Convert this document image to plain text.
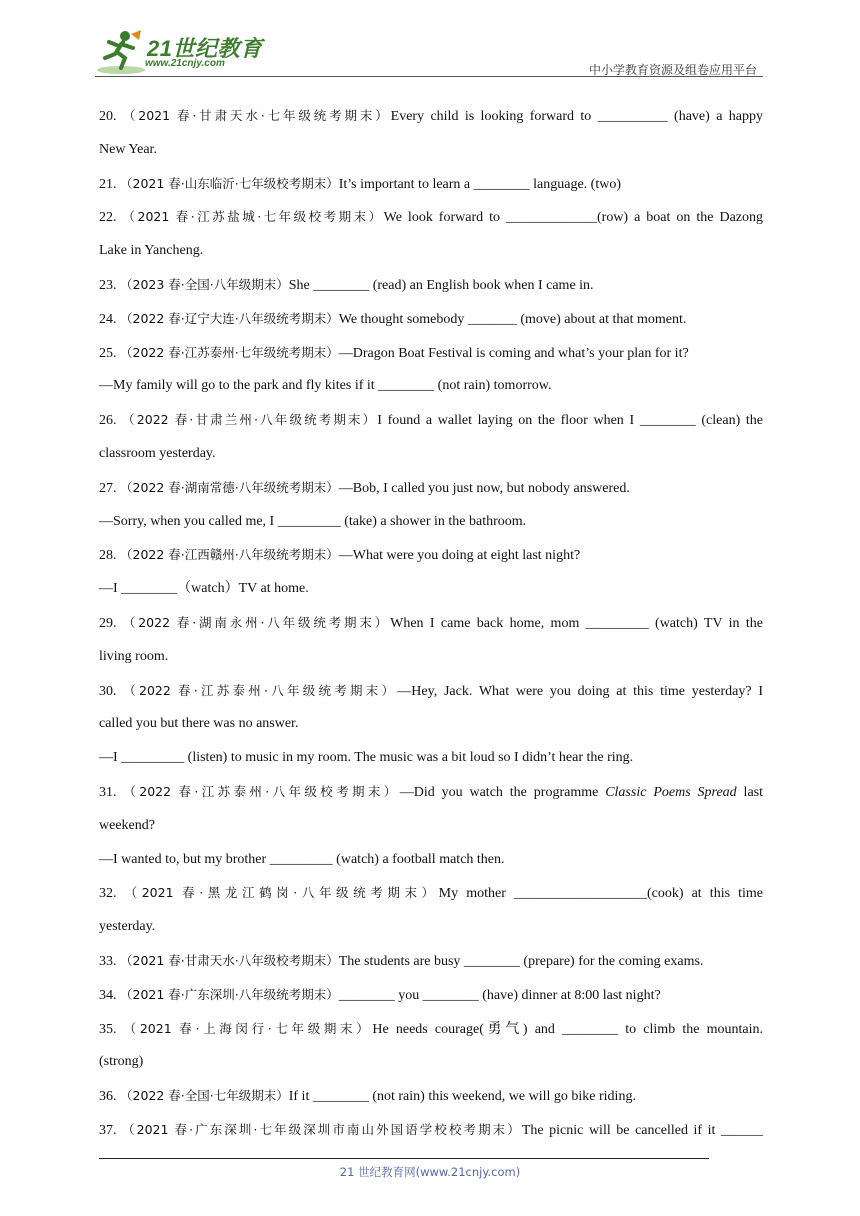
21世纪教育
www.21cnjy.com	中小学教育资源及组卷应用平台
20. （2021 春·甘肃天水·七年级统考期末）Every child is looking forward to __________ (have) a happy
New Year.
21. （2021 春·山东临沂·七年级校考期末）It’s important to learn a ________ language. (two)
22. （2021 春·江苏盐城·七年级校考期末）We look forward to _____________(row) a boat on the Dazong
Lake in Yancheng.
23. （2023 春·全国·八年级期末）She ________ (read) an English book when I came in.
24. （2022 春·辽宁大连·八年级统考期末）We thought somebody _______ (move) about at that moment.
25. （2022 春·江苏泰州·七年级统考期末）—Dragon Boat Festival is coming and what’s your plan for it?
—My family will go to the park and fly kites if it ________ (not rain) tomorrow.
26. （2022 春·甘肃兰州·八年级统考期末）I found a wallet laying on the floor when I ________ (clean) the
classroom yesterday.
27. （2022 春·湖南常德·八年级统考期末）—Bob, I called you just now, but nobody answered.
—Sorry, when you called me, I _________ (take) a shower in the bathroom.
28. （2022 春·江西赣州·八年级统考期末）—What were you doing at eight last night?
—I ________（watch）TV at home.
29. （2022 春·湖南永州·八年级统考期末）When I came back home, mom _________ (watch) TV in the
living room.
30. （2022 春·江苏泰州·八年级统考期末）—Hey, Jack. What were you doing at this time yesterday? I
called you but there was no answer.
—I _________ (listen) to music in my room. The music was a bit loud so I didn’t hear the ring.
31. （2022 春·江苏泰州·八年级校考期末）—Did you watch the programme Classic Poems Spread last
weekend?
—I wanted to, but my brother _________ (watch) a football match then.
32. （2021 春·黑龙江鹤岗·八年级统考期末）My mother ___________________(cook) at this time
yesterday.
33. （2021 春·甘肃天水·八年级校考期末）The students are busy ________ (prepare) for the coming exams.
34. （2021 春·广东深圳·八年级统考期末）________ you ________ (have) dinner at 8:00 last night?
35. （2021 春·上海闵行·七年级期末）He needs courage(勇气) and ________ to climb the mountain.
(strong)
36. （2022 春·全国·七年级期末）If it ________ (not rain) this weekend, we will go bike riding.
37. （2021 春·广东深圳·七年级深圳市南山外国语学校校考期末）The picnic will be cancelled if it ______
21 世纪教育网(www.21cnjy.com)
